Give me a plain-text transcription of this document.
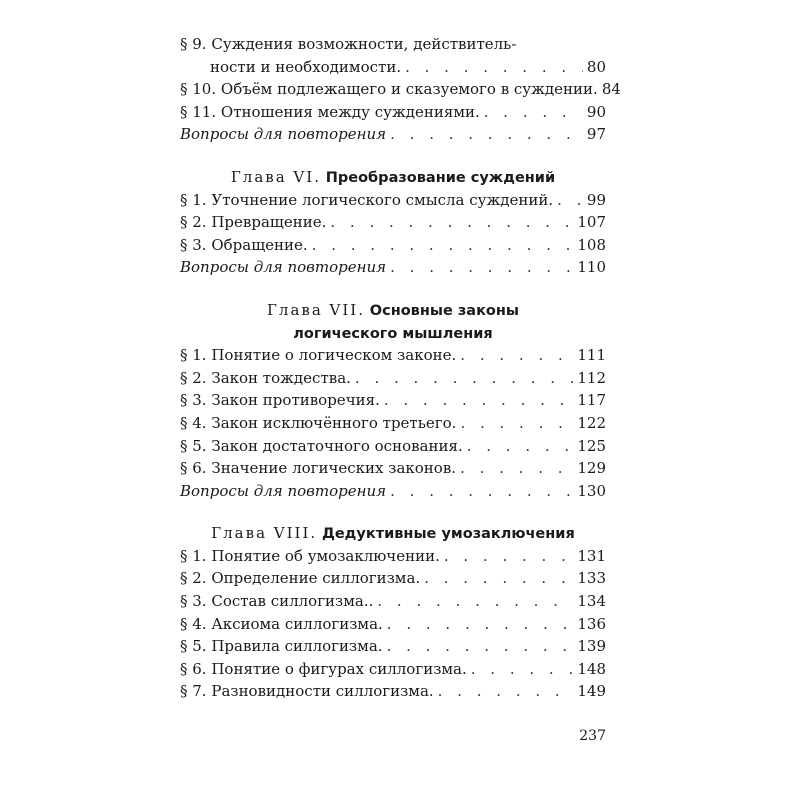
§ 9. Суждения возможности, действитель-
ности и необходимости. . . .	80
§ 10. Объём подлежащего и сказуемого в суждении. 84
§ 11. Отношения между суждениями. . . .	90
Вопросы для повторения . . .	97
Глава VI. Преобразование суждений
§ 1. Уточнение логического смысла суждений. . . . 99
§ 2. Превращение. . . .	107
§ 3. Обращение. . . .	108
Вопросы для повторения . . .	110
Глава VII. Основные законы
логического мышления
§ 1. Понятие о логическом законе. . . .	111
§ 2. Закон тождества. . . .	112
§ 3. Закон противоречия. . . .	117
§ 4. Закон исключённого третьего. . . .	122
§ 5. Закон достаточного основания. . . .	125
§ 6. Значение логических законов. . . .	129
Вопросы для повторения . . .	130
Глава VIII. Дедуктивные умозаключения
§ 1. Понятие об умозаключении. . . .	131
§ 2. Определение силлогизма. . . .	133
§ 3. Состав силлогизма.. . . .	134
§ 4. Аксиома силлогизма. . . .	136
§ 5. Правила силлогизма. . . .	139
§ 6. Понятие о фигурах силлогизма. . . .	148
§ 7. Разновидности силлогизма. . . .	149
237
